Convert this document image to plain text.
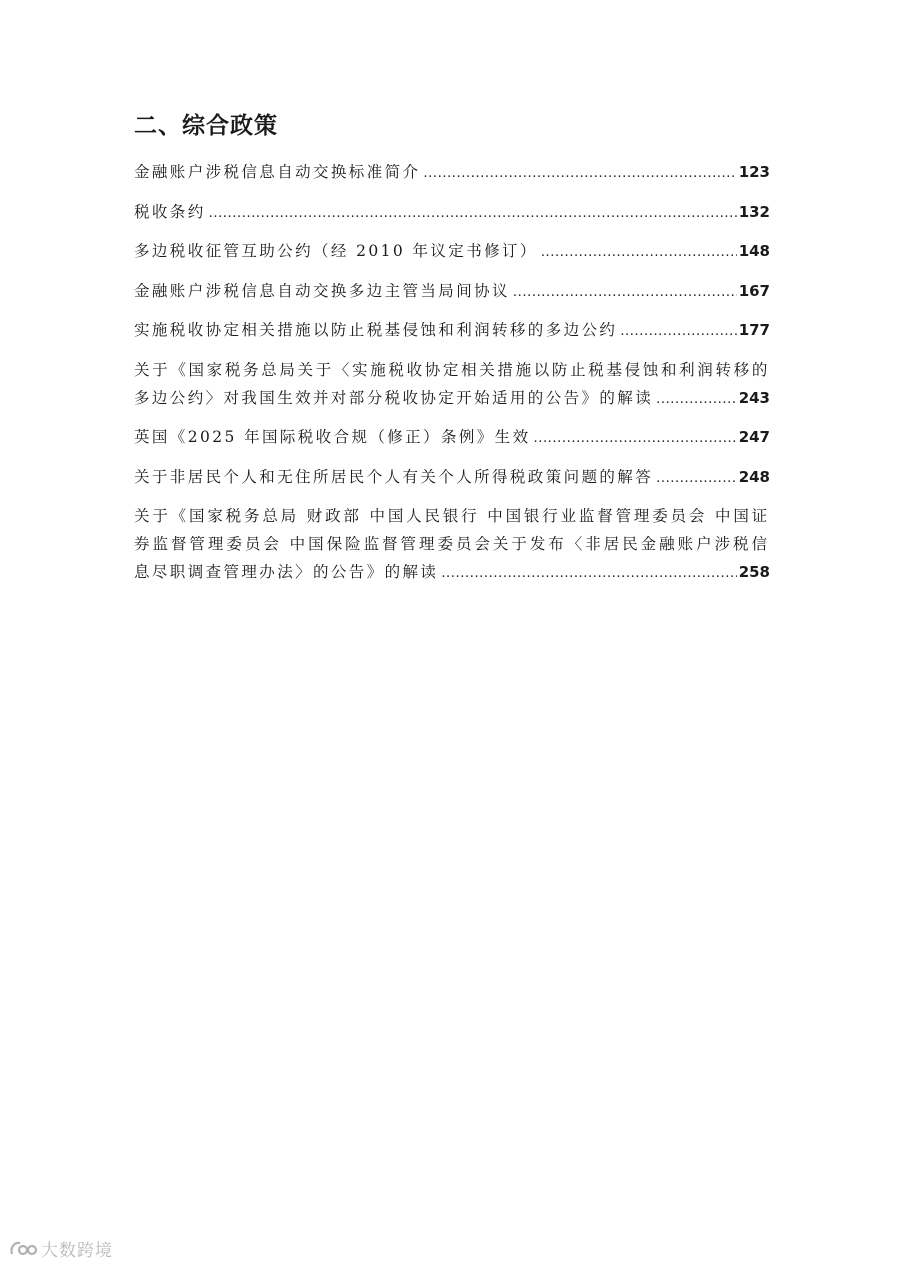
二、综合政策
金融账户涉税信息自动交换标准简介 .....	123
税收条约 .....	132
多边税收征管互助公约（经 2010 年议定书修订） .....	148
金融账户涉税信息自动交换多边主管当局间协议 .....	167
实施税收协定相关措施以防止税基侵蚀和利润转移的多边公约 .....	177
关于《国家税务总局关于〈实施税收协定相关措施以防止税基侵蚀和利润转移的
多边公约〉对我国生效并对部分税收协定开始适用的公告》的解读 .....	243
英国《2025 年国际税收合规（修正）条例》生效 .....	247
关于非居民个人和无住所居民个人有关个人所得税政策问题的解答 .....	248
关于《国家税务总局 财政部 中国人民银行 中国银行业监督管理委员会 中国证
券监督管理委员会 中国保险监督管理委员会关于发布〈非居民金融账户涉税信
息尽职调查管理办法〉的公告》的解读 .....	258
大数跨境
